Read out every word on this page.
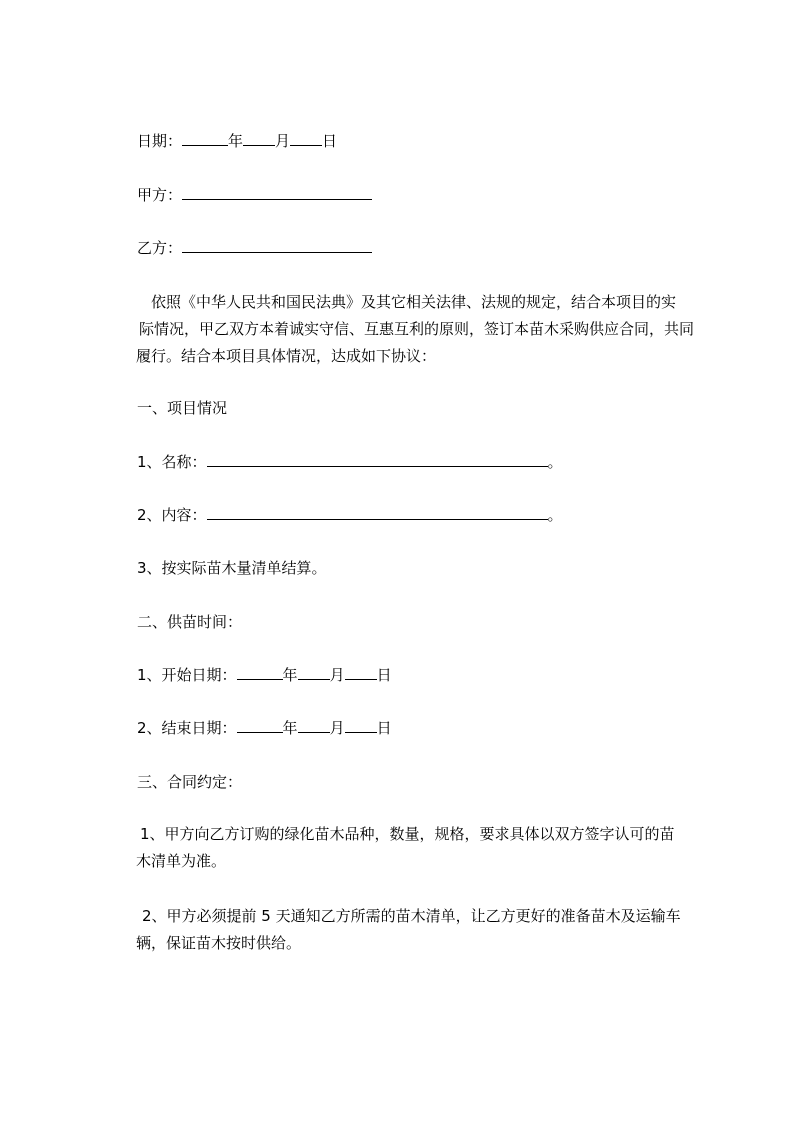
日期：	年 月 日
甲方：
乙方：
依照《中华人民共和国民法典》及其它相关法律、法规的规定，结合本项目的实
际情况，甲乙双方本着诚实守信、互惠互利的原则，签订本苗木采购供应合同，共同
履行。结合本项目具体情况，达成如下协议：
一、项目情况
1、名称：	。
2、内容：	。
3、按实际苗木量清单结算。
二、供苗时间：
1、开始日期：	年 月 日
2、结束日期：	年 月 日
三、合同约定：
1、甲方向乙方订购的绿化苗木品种，数量，规格，要求具体以双方签字认可的苗
木清单为准。
2、甲方必须提前 5 天通知乙方所需的苗木清单，让乙方更好的准备苗木及运输车
辆，保证苗木按时供给。
